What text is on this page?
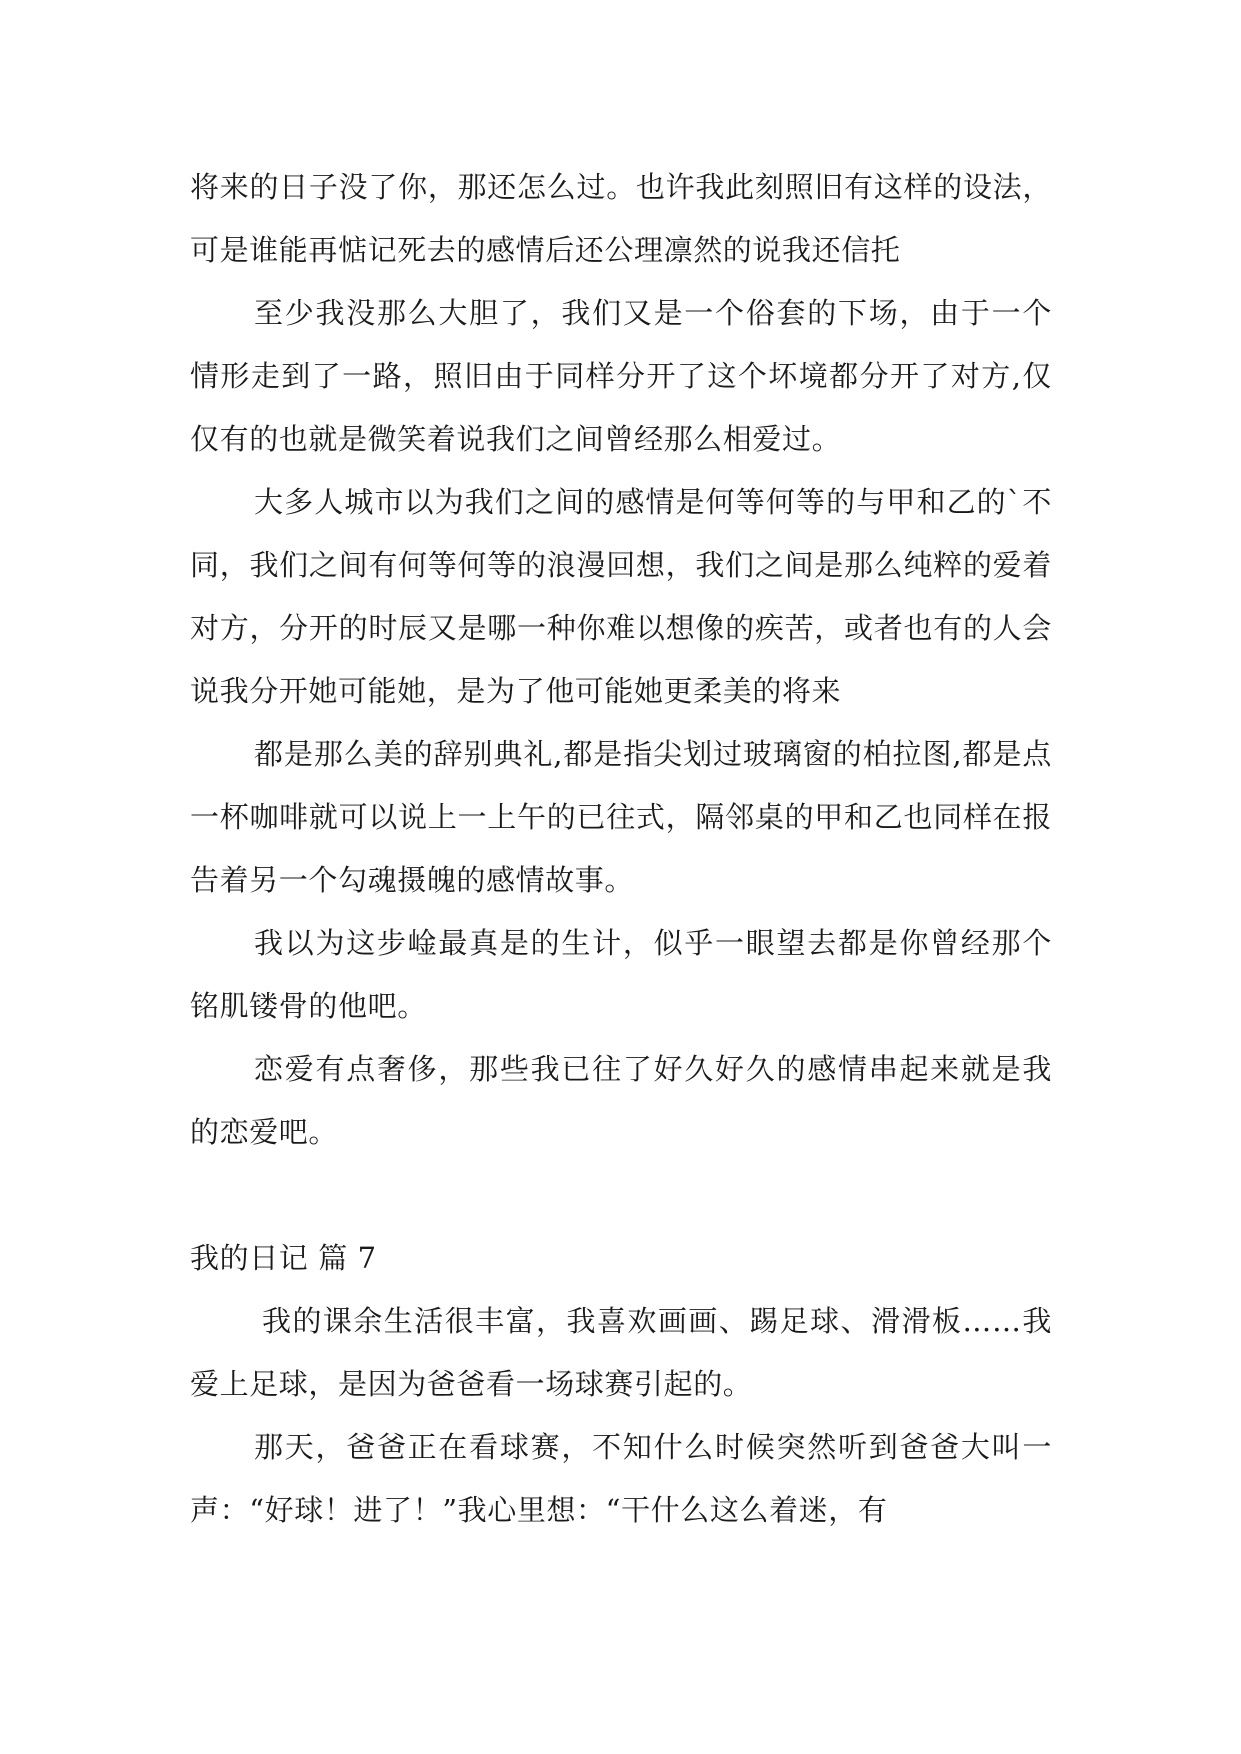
将来的日子没了你，那还怎么过。也许我此刻照旧有这样的设法，可是谁能再惦记死去的感情后还公理凛然的说我还信托

至少我没那么大胆了，我们又是一个俗套的下场，由于一个情形走到了一路，照旧由于同样分开了这个坏境都分开了对方,仅仅有的也就是微笑着说我们之间曾经那么相爱过。

大多人城市以为我们之间的感情是何等何等的与甲和乙的`不同，我们之间有何等何等的浪漫回想，我们之间是那么纯粹的爱着对方，分开的时辰又是哪一种你难以想像的疾苦，或者也有的人会说我分开她可能她，是为了他可能她更柔美的将来

都是那么美的辞别典礼,都是指尖划过玻璃窗的柏拉图,都是点一杯咖啡就可以说上一上午的已往式，隔邻桌的甲和乙也同样在报告着另一个勾魂摄魄的感情故事。

我以为这步崯最真是的生计，似乎一眼望去都是你曾经那个铭肌镂骨的他吧。

恋爱有点奢侈，那些我已往了好久好久的感情串起来就是我的恋爱吧。

我的日记 篇 7

我的课余生活很丰富，我喜欢画画、踢足球、滑滑板……我爱上足球，是因为爸爸看一场球赛引起的。

那天，爸爸正在看球赛，不知什么时候突然听到爸爸大叫一声：“好球！进了！”我心里想：“干什么这么着迷，有
